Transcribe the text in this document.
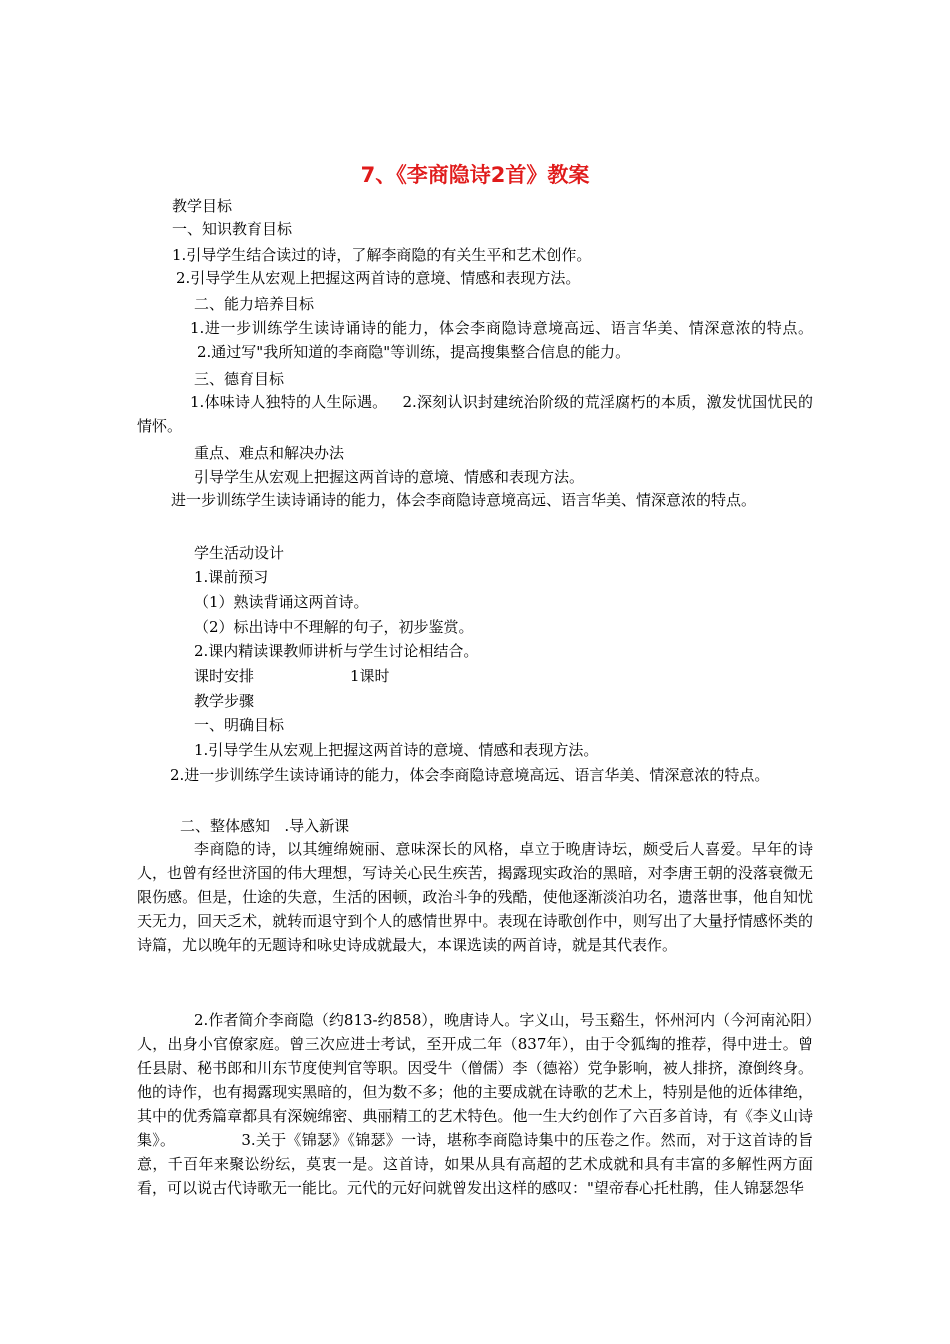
7、《李商隐诗2首》教案

教学目标

一、知识教育目标

1.引导学生结合读过的诗，了解李商隐的有关生平和艺术创作。

2.引导学生从宏观上把握这两首诗的意境、情感和表现方法。

二、能力培养目标

1.进一步训练学生读诗诵诗的能力，体会李商隐诗意境高远、语言华美、情深意浓的特点。2.通过写"我所知道的李商隐"等训练，提高搜集整合信息的能力。

三、德育目标

1.体味诗人独特的人生际遇。 2.深刻认识封建统治阶级的荒淫腐朽的本质，激发忧国忧民的情怀。

重点、难点和解决办法

引导学生从宏观上把握这两首诗的意境、情感和表现方法。

进一步训练学生读诗诵诗的能力，体会李商隐诗意境高远、语言华美、情深意浓的特点。

学生活动设计

1.课前预习

（1）熟读背诵这两首诗。

（2）标出诗中不理解的句子，初步鉴赏。

2.课内精读课教师讲析与学生讨论相结合。

课时安排	1课时

教学步骤

一、明确目标

1.引导学生从宏观上把握这两首诗的意境、情感和表现方法。

2.进一步训练学生读诗诵诗的能力，体会李商隐诗意境高远、语言华美、情深意浓的特点。

二、整体感知 .导入新课

李商隐的诗，以其缠绵婉丽、意味深长的风格，卓立于晚唐诗坛，颇受后人喜爱。早年的诗人，也曾有经世济国的伟大理想，写诗关心民生疾苦，揭露现实政治的黑暗，对李唐王朝的没落衰微无限伤感。但是，仕途的失意，生活的困顿，政治斗争的残酷，使他逐渐淡泊功名，遗落世事，他自知忧天无力，回天乏术，就转而退守到个人的感情世界中。表现在诗歌创作中，则写出了大量抒情感怀类的诗篇，尤以晚年的无题诗和咏史诗成就最大，本课选读的两首诗，就是其代表作。

2.作者简介李商隐（约813-约858），晚唐诗人。字义山，号玉谿生，怀州河内（今河南沁阳）人，出身小官僚家庭。曾三次应进士考试，至开成二年（837年），由于令狐绹的推荐，得中进士。曾任县尉、秘书郎和川东节度使判官等职。因受牛（僧儒）李（德裕）党争影响，被人排挤，潦倒终身。他的诗作，也有揭露现实黑暗的，但为数不多；他的主要成就在诗歌的艺术上，特别是他的近体律绝，其中的优秀篇章都具有深婉绵密、典丽精工的艺术特色。他一生大约创作了六百多首诗，有《李义山诗集》。	3.关于《锦瑟》《锦瑟》一诗，堪称李商隐诗集中的压卷之作。然而，对于这首诗的旨意，千百年来聚讼纷纭，莫衷一是。这首诗，如果从具有高超的艺术成就和具有丰富的多解性两方面看，可以说古代诗歌无一能比。元代的元好问就曾发出这样的感叹："望帝春心托杜鹃，佳人锦瑟怨华
